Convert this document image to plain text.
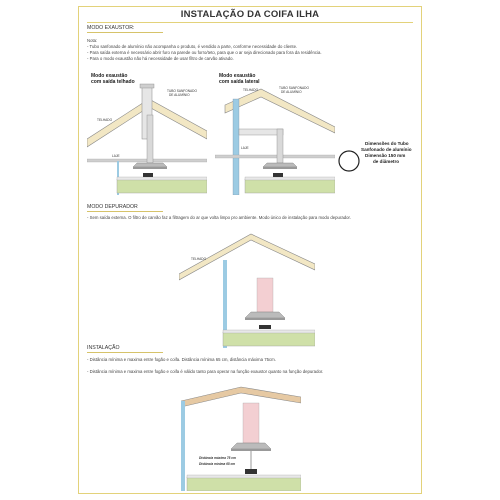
INSTALAÇÃO DA COIFA ILHA
MODO EXAUSTOR:
Nota:
- Tubo sanfonado de alumínio não acompanha o produto, é vendido a parte, conforme necessidade do cliente.
- Para saída externa é necessário abrir furo na parede ou forro/teto, para que o ar seja direcionado para fora da residência.
- Para o modo exaustão não há necessidade de usar filtro de carvão ativado.
Modo exaustão
com saída telhado
TELHADO
TUBO SANFONADO
DE ALUMÍNIO
LAJE
Modo exaustão
com saída lateral
TELHADO	TUBO SANFONADO
DE ALUMÍNIO
LAJE
Dimensões do Tubo
Sanfonado de alumínio
Dimensão 150 mm
de diâmetro
MODO DEPURADOR
- Sem saída externa. O filtro de carvão faz a filtragem do ar que volta limpo pro ambiente. Modo único de instalação para modo depurador.
TELHADO
INSTALAÇÃO
- Distância mínima e maxima entre fogão e coifa. Distância mínima 65 cm, distância máxima 75cm.
- Distância mínima e maxima entre fogão e coifa é válido tanto para operar na função exaustor quanto na função depurador.
Distância máxima 75 cm
Distância mínima 65 cm
